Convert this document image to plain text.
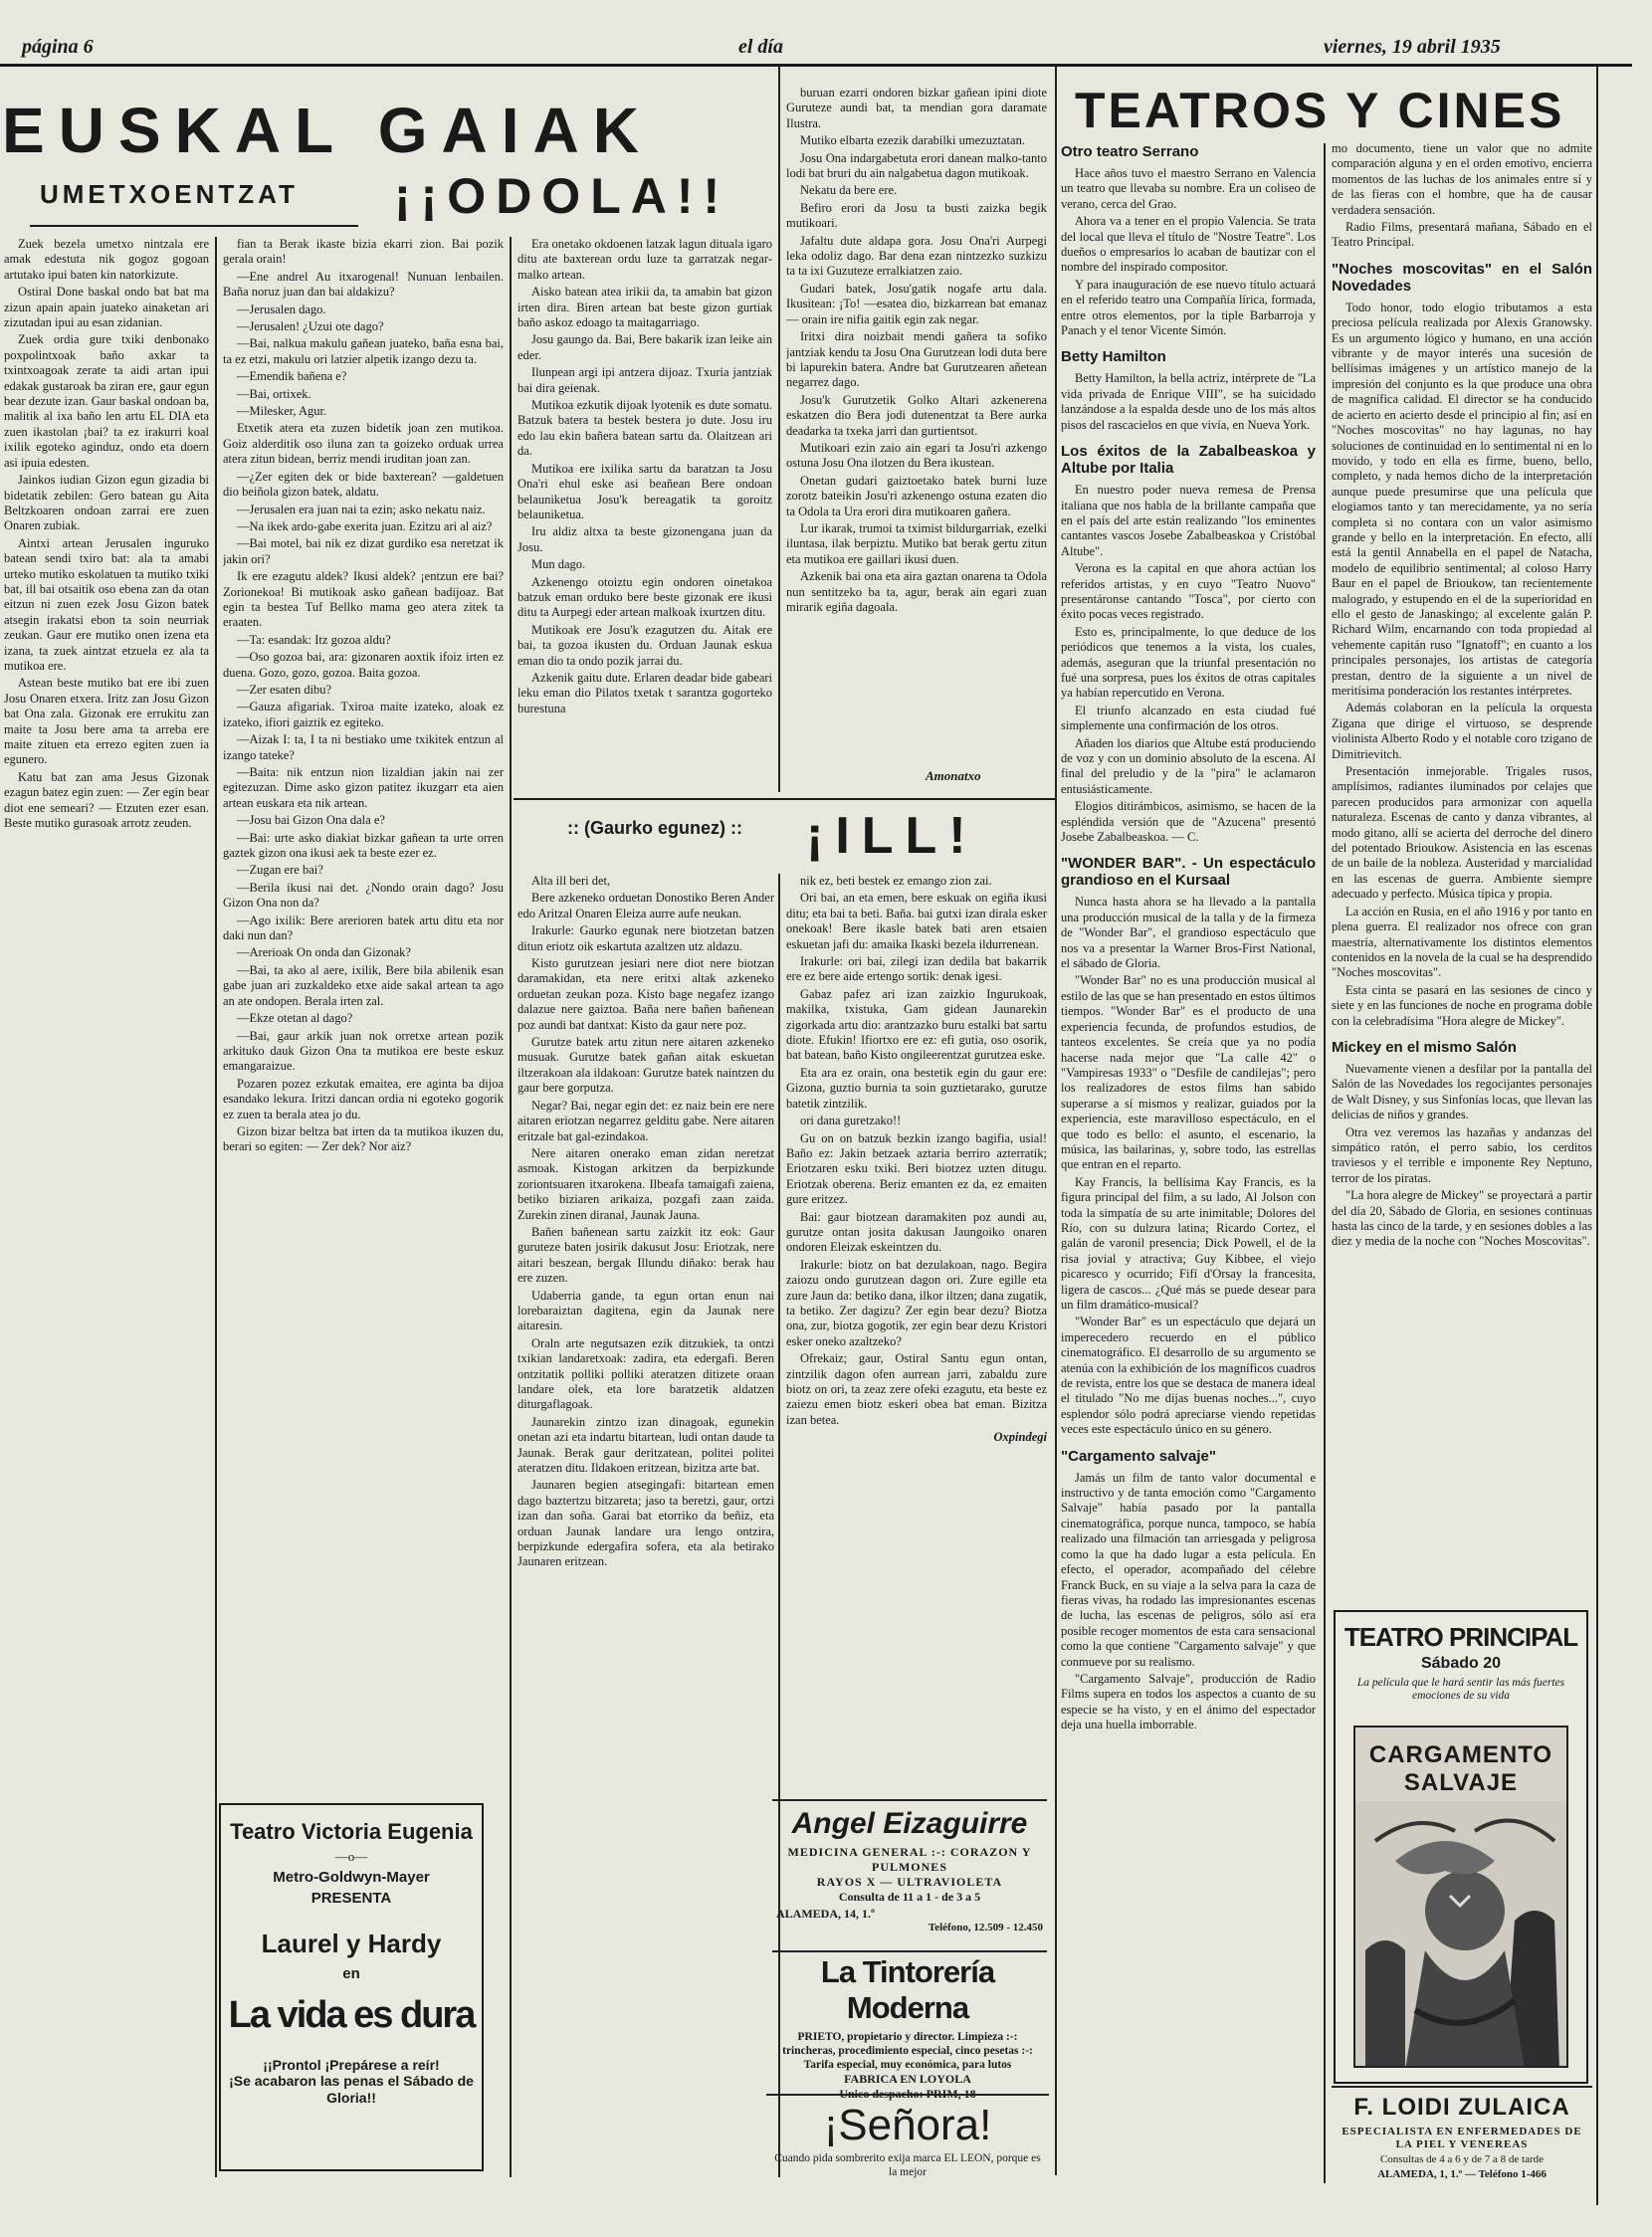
página 6	el día	viernes, 19 abril 1935
EUSKAL GAIAK
UMETXOENTZAT ¡¡ODOLA!!

Zuek bezela umetxo nintzala ere amak edestuta nik gogoz gogoan artutako ipui baten kin natorkizute.

Ostiral Done baskal ondo bat bat ma zizun apain apain juateko ainaketan ari zizutadan ipui au esan zidanian.

Zuek ordia gure txiki denbonako poxpolintxoak baño axkar ta txintxoagoak zerate ta aidi artan ipui edakak gustaroak ba ziran ere, gaur egun bear dezute izan. Gaur baskal ondoan ba, malitik al ixa baño len artu EL DIA eta zuen ikastolan ¡bai? ta ez irakurri koal ixilik egoteko aginduz, ondo eta doern asi ipuia edesten.

Jainkos iudian Gizon egun gizadia bi bidetatik zebilen: Gero batean gu Aita Beltzkoaren ondoan zarrai ere zuen Onaren zubiak.

Aintxi artean Jerusalen inguruko batean sendi txiro bat: ala ta amabi urteko mutiko eskolatuen ta mutiko txiki bat, ill bai otsaitik oso ebena zan da otan eitzun ni zuen ezek Josu Gizon batek atsegin irakatsi ebon ta soin neurriak zeukan. Gaur ere mutiko onen izena eta izana, ta zuek aintzat etzuela ez ala ta mutikoa ere.

Astean beste mutiko bat ere ibi zuen Josu Onaren etxera. Iritz zan Josu Gizon bat Ona zala. Gizonak ere errukitu zan maite ta Josu bere ama ta arreba ere maite zituen eta errezo egiten zuen ia egunero.

Katu bat zan ama Jesus Gizonak ezagun batez egin zuen: — Zer egin bear diot ene semeari? — Etzuten ezer esan. Beste mutiko gurasoak arrotz zeuden.

fian ta Berak ikaste bizia ekarri zion. Bai pozik gerala orain!

—Ene andrel Au itxarogenal! Nunuan lenbailen. Baña noruz juan dan bai aldakizu?

—Jerusalen dago.

—Jerusalen! ¿Uzui ote dago?

—Bai, nalkua makulu gañean juateko, baña esna bai, ta ez etzi, makulu ori latzier alpetik izango dezu ta.

—Emendik bañena e?

—Bai, ortixek.

—Milesker, Agur.

Etxetik atera eta zuzen bidetik joan zen mutikoa. Goiz alderditik oso iluna zan ta goizeko orduak urrea atera zitun bidean, berriz mendi iruditan joan zan.

—¿Zer egiten dek or bide baxterean? —galdetuen dio beiñola gizon batek, aldatu.

—Jerusalen era juan nai ta ezin; asko nekatu naiz.

—Na ikek ardo-gabe exerita juan. Ezitzu ari al aiz?

—Bai motel, bai nik ez dizat gurdiko esa neretzat ik jakin ori?

Ik ere ezagutu aldek? Ikusi aldek? ¡entzun ere bai? Zorionekoa! Bi mutikoak asko gañean badijoaz. Bat egin ta bestea Tuf Bellko mama geo atera zitek ta eraaten.

—Ta: esandak: Itz gozoa aldu?

—Oso gozoa bai, ara: gizonaren aoxtik ifoiz irten ez duena. Gozo, gozo, gozoa. Baita gozoa.

—Zer esaten dibu?

—Gauza afigariak. Txiroa maite izateko, aloak ez izateko, ifiori gaiztik ez egiteko.

—Aizak I: ta, I ta ni bestiako ume txikitek entzun al izango tateke?

—Baita: nik entzun nion lizaldian jakin nai zer egitezuzan. Dime asko gizon patitez ikuzgarr eta aien artean euskara eta nik artean.

—Josu bai Gizon Ona dala e?

—Bai: urte asko diakiat bizkar gañean ta urte orren gaztek gizon ona ikusi aek ta beste ezer ez.

—Zugan ere bai?

—Berila ikusi nai det. ¿Nondo orain dago? Josu Gizon Ona non da?

—Ago ixilik: Bere arerioren batek artu ditu eta nor daki nun dan?

—Arerioak On onda dan Gizonak?

—Bai, ta ako al aere, ixilik, Bere bila abilenik esan gabe juan ari zuzkaldeko etxe aide sakal artean ta ago an ate ondopen. Berala irten zal.

—Ekze otetan al dago?

—Bai, gaur arkik juan nok orretxe artean pozik arkituko dauk Gizon Ona ta mutikoa ere beste eskuz emangaraizue.

Pozaren pozez ezkutak emaitea, ere aginta ba dijoa esandako lekura. Iritzi dancan ordia ni egoteko gogorik ez zuen ta berala atea jo du.

Gizon bizar beltza bat irten da ta mutikoa ikuzen du, berari so egiten: — Zer dek? Nor aiz?

Era onetako okdoenen latzak lagun dituala igaro ditu ate baxterean ordu luze ta garratzak negar-malko artean.

Aisko batean atea irikii da, ta amabin bat gizon irten dira. Biren artean bat beste gizon gurtiak baño askoz edoago ta maitagarriago.

Josu gaungo da. Bai, Bere bakarik izan leike ain eder.

Ilunpean argi ipi antzera dijoaz. Txuria jantziak bai dira geienak.

Mutikoa ezkutik dijoak lyotenik es dute somatu. Batzuk batera ta bestek bestera jo dute. Josu iru edo lau ekin bañera batean sartu da. Olaitzean ari da.

Mutikoa ere ixilika sartu da baratzan ta Josu Ona'ri ehul eske asi beañean Bere ondoan belauniketua Josu'k bereagatik ta goroitz belauniketua.

Iru aldiz altxa ta beste gizonengana juan da Josu.

Mun dago.

Azkenengo otoiztu egin ondoren oinetakoa batzuk eman orduko bere beste gizonak ere ikusi ditu ta Aurpegi eder artean malkoak ixurtzen ditu.

Mutikoak ere Josu'k ezagutzen du. Aitak ere bai, ta gozoa ikusten du. Orduan Jaunak eskua eman dio ta ondo pozik jarrai du.

Azkenik gaitu dute. Erlaren deadar bide gabeari leku eman dio Pilatos txetak t sarantza gogorteko burestuna

buruan ezarri ondoren bizkar gañean ipini diote Guruteze aundi bat, ta mendian gora daramate Ilustra.

Mutiko elbarta ezezik darabilki umezuztatan.

Josu Ona indargabetuta erori danean malko-tanto lodi bat bruri du ain nalgabetua dagon mutikoak.

Nekatu da bere ere.

Befiro erori da Josu ta busti zaizka begik mutikoari.

Jafaltu dute aldapa gora. Josu Ona'ri Aurpegi leka odoliz dago. Bar dena ezan nintzezko suzkizu ta ta ixi Guzuteze erralkiatzen zaio.

Gudari batek, Josu'gatik nogafe artu dala. Ikusitean: ¡To! —esatea dio, bizkarrean bat emanaz— orain ire nifia gaitik egin zak negar.

Iritxi dira noizbait mendi gañera ta sofiko jantziak kendu ta Josu Ona Gurutzean lodi duta bere bi lapurekin batera. Andre bat Gurutzearen añetean negarrez dago.

Josu'k Gurutzetik Golko Altari azkenerena eskatzen dio Bera jodi dutenentzat ta Bere aurka deadarka ta txeka jarri dan gurtientsot.

Mutikoari ezin zaio ain egari ta Josu'ri azkengo ostuna Josu Ona ilotzen du Bera ikustean.

Onetan gudari gaiztoetako batek burni luze zorotz bateikin Josu'ri azkenengo ostuna ezaten dio ta Odola ta Ura erori dira mutikoaren gañera.

Lur ikarak, trumoi ta tximist bildurgarriak, ezelki iluntasa, ilak berpiztu. Mutiko bat berak gertu zitun eta mutikoa ere gaillari ikusi duen.

Azkenik bai ona eta aira gaztan onarena ta Odola nun sentitzeko ba ta, agur, berak ain egari zuan mirarik egiña dagoala.

Amonatxo
:: (Gaurko egunez) :: ¡ILL!

Alta ill beri det,

Bere azkeneko orduetan Donostiko Beren Ander edo Aritzal Onaren Eleiza aurre aufe neukan.

Irakurle: Gaurko egunak nere biotzetan batzen ditun eriotz oik eskartuta azaltzen utz aldazu.

Kisto gurutzean jesiari nere diot nere biotzan daramakidan, eta nere eritxi altak azkeneko orduetan zeukan poza. Kisto bage negafez izango dalazue nere gaiztoa. Baña nere bañen bañenean poz aundi bat dantxat: Kisto da gaur nere poz.

Gurutze batek artu zitun nere aitaren azkeneko musuak. Gurutze batek gañan aitak eskuetan iltzerakoan ala ildakoan: Gurutze batek naintzen du gaur bere gorputza.

Negar? Bai, negar egin det: ez naiz bein ere nere aitaren eriotzan negarrez gelditu gabe. Nere aitaren eritzale bat gal-ezindakoa.

Nere aitaren onerako eman zidan neretzat asmoak. Kistogan arkitzen da berpizkunde zoriontsuaren itxarokena. Ilbeafa tamaigafi zaiena, betiko biziaren arikaiza, pozgafi zaan zaida. Zurekin zinen diranal, Jaunak Jauna.

Bañen bañenean sartu zaizkit itz eok: Gaur guruteze baten josirik dakusut Josu: Eriotzak, nere aitari beszean, bergak Illundu diñako: berak hau ere zuzen.

Udaberria gande, ta egun ortan enun nai lorebaraiztan dagitena, egin da Jaunak nere aitaresin.

Oraln arte negutsazen ezik ditzukiek, ta ontzi txikian landaretxoak: zadira, eta edergafi. Beren ontzitatik polliki polliki ateratzen ditizete oraan landare olek, eta lore baratzetik aldatzen diturgaflagoak.

Jaunarekin zintzo izan dinagoak, egunekin onetan azi eta indartu bitartean, ludi ontan daude ta Jaunak. Berak gaur deritzatean, politei politei ateratzen ditu. Ildakoen eritzean, bizitza arte bat.

Jaunaren begien atsegingafi: bitartean emen dago baztertzu bitzareta; jaso ta beretzi, gaur, ortzi izan dan soña. Garai bat etorriko da beñiz, eta orduan Jaunak landare ura lengo ontzira, berpizkunde edergafira sofera, eta ala betirako Jaunaren eritzean.

nik ez, beti bestek ez emango zion zai.

Ori bai, an eta emen, bere eskuak on egiña ikusi ditu; eta bai ta beti. Baña. bai gutxi izan dirala esker onekoak! Bere ikasle batek bati aren etsaien eskuetan jafi du: amaika Ikaski bezela ildurrenean.

Irakurle: ori bai, zilegi izan dedila bat bakarrik ere ez bere aide ertengo sortik: denak igesi.

Gabaz pafez ari izan zaizkio Ingurukoak, makilka, txistuka, Gam gidean Jaunarekin zigorkada artu dio: arantzazko buru estalki bat sartu diote. Efukin! Ifiortxo ere ez: efi gutia, oso osorik, bat batean, baño Kisto ongileerentzat gurutzea eske.

Eta ara ez orain, ona bestetik egin du gaur ere: Gizona, guztio burnia ta soin guztietarako, gurutze batetik zintzilik.

ori dana guretzako!!

Gu on on batzuk bezkin izango bagifia, usial! Baño ez: Jakin betzaek aztaria berriro azterratik; Eriotzaren esku txiki. Beri biotzez uzten ditugu. Eriotzak oberena. Beriz emanten ez da, ez emaiten gure eritzez.

Bai: gaur biotzean daramakiten poz aundi au, gurutze ontan josita dakusan Jaungoiko onaren ondoren Eleizak eskeintzen du.

Irakurle: biotz on bat dezulakoan, nago. Begira zaiozu ondo gurutzean dagon ori. Zure egille eta zure Jaun da: betiko dana, ilkor iltzen; dana zugatik, ta betiko. Zer dagizu? Zer egin bear dezu? Biotza ona, zur, biotza gogotik, zer egin bear dezu Kristori esker oneko azaltzeko?

Ofrekaiz; gaur, Ostiral Santu egun ontan, zintzilik dagon ofen aurrean jarri, zabaldu zure biotz on ori, ta zeaz zere ofeki ezagutu, eta beste ez zaiezu emen biotz eskeri obea bat eman. Bizitza izan betea.

Oxpindegi

Angel Eizaguirre
MEDICINA GENERAL :-: CORAZON Y PULMONES
RAYOS X — ULTRAVIOLETA
Consulta de 11 a 1 - de 3 a 5
ALAMEDA, 14, 1.º
Teléfono, 12.509 - 12.450
La Tintorería Moderna
PRIETO, propietario y director. Limpieza :-: trincheras, procedimiento especial, cinco pesetas :-: Tarifa especial, muy económica, para lutos
FABRICA EN LOYOLA
Unico despacho: PRIM, 18
¡Señora!
Cuando pida sombrerito exija marca EL LEON, porque es la mejor
Teatro Victoria Eugenia
—o—
Metro-Goldwyn-Mayer
PRESENTA
Laurel y Hardy
en
La vida es dura
¡¡Prontol ¡Prepárese a reír!
¡Se acabaron las penas el Sábado de Gloria!!
TEATROS Y CINES
Otro teatro Serrano

Hace años tuvo el maestro Serrano en Valencia un teatro que llevaba su nombre. Era un coliseo de verano, cerca del Grao.

Ahora va a tener en el propio Valencia. Se trata del local que lleva el título de "Nostre Teatre". Los dueños o empresarios lo acaban de bautizar con el nombre del inspirado compositor.

Y para inauguración de ese nuevo título actuará en el referido teatro una Compañía lírica, formada, entre otros elementos, por la tiple Barbarroja y Panach y el tenor Vicente Simón.

Betty Hamilton

Betty Hamilton, la bella actriz, intérprete de "La vida privada de Enrique VIII", se ha suicidado lanzándose a la espalda desde uno de los más altos pisos del rascacielos en que vivía, en Nueva York.

Los éxitos de la Zabalbeaskoa y Altube por Italia

En nuestro poder nueva remesa de Prensa italiana que nos habla de la brillante campaña que en el país del arte están realizando "los eminentes cantantes vascos Josebe Zabalbeaskoa y Cristóbal Altube".

Verona es la capital en que ahora actúan los referidos artistas, y en cuyo "Teatro Nuovo" presentáronse cantando "Tosca", por cierto con éxito pocas veces registrado.

Esto es, principalmente, lo que deduce de los periódicos que tenemos a la vista, los cuales, además, aseguran que la triunfal presentación no fué una sorpresa, pues los éxitos de otras capitales ya habían repercutido en Verona.

El triunfo alcanzado en esta ciudad fué simplemente una confirmación de los otros.

Añaden los diarios que Altube está produciendo de voz y con un dominio absoluto de la escena. Al final del preludio y de la "pira" le aclamaron entusiásticamente.

Elogios ditirámbicos, asimismo, se hacen de la espléndida versión que de "Azucena" presentó Josebe Zabalbeaskoa. — C.

"WONDER BAR". - Un espectáculo grandioso en el Kursaal

Nunca hasta ahora se ha llevado a la pantalla una producción musical de la talla y de la firmeza de "Wonder Bar", el grandioso espectáculo que nos va a presentar la Warner Bros-First National, el sábado de Gloria.

"Wonder Bar" no es una producción musical al estilo de las que se han presentado en estos últimos tiempos. "Wonder Bar" es el producto de una experiencia fecunda, de profundos estudios, de tanteos excelentes. Se creía que ya no podía hacerse nada mejor que "La calle 42" o "Vampiresas 1933" o "Desfile de candilejas"; pero los realizadores de estos films han sabido superarse a sí mismos y realizar, guiados por la experiencia, este maravilloso espectáculo, en el que todo es bello: el asunto, el escenario, la música, las bailarinas, y, sobre todo, las estrellas que entran en el reparto.

Kay Francis, la bellísima Kay Francis, es la figura principal del film, a su lado, Al Jolson con toda la simpatía de su arte inimitable; Dolores del Río, con su dulzura latina; Ricardo Cortez, el galán de varonil presencia; Dick Powell, el de la risa jovial y atractiva; Guy Kibbee, el viejo picaresco y ocurrido; Fifí d'Orsay la francesita, ligera de cascos... ¿Qué más se puede desear para un film dramático-musical?

"Wonder Bar" es un espectáculo que dejará un imperecedero recuerdo en el público cinematográfico. El desarrollo de su argumento se atenúa con la exhibición de los magníficos cuadros de revista, entre los que se destaca de manera ideal el titulado "No me dijas buenas noches...", cuyo esplendor sólo podrá apreciarse viendo repetidas veces este espectáculo único en su género.

"Cargamento salvaje"

Jamás un film de tanto valor documental e instructivo y de tanta emoción como "Cargamento Salvaje" había pasado por la pantalla cinematográfica, porque nunca, tampoco, se había realizado una filmación tan arriesgada y peligrosa como la que ha dado lugar a esta película. En efecto, el operador, acompañado del célebre Franck Buck, en su viaje a la selva para la caza de fieras vivas, ha rodado las impresionantes escenas de lucha, las escenas de peligros, sólo así era posible recoger momentos de esta cara sensacional como la que contiene "Cargamento salvaje" y que conmueve por su realismo.

"Cargamento Salvaje", producción de Radio Films supera en todos los aspectos a cuanto de su especie se ha visto, y en el ánimo del espectador deja una huella imborrable.

mo documento, tiene un valor que no admite comparación alguna y en el orden emotivo, encierra momentos de las luchas de los animales entre sí y de las fieras con el hombre, que ha de causar verdadera sensación.

Radio Films, presentará mañana, Sábado en el Teatro Principal.

"Noches moscovitas" en el Salón Novedades

Todo honor, todo elogio tributamos a esta preciosa película realizada por Alexis Granowsky. Es un argumento lógico y humano, en una acción vibrante y de mayor interés una sucesión de bellísimas imágenes y un artístico manejo de la impresión del conjunto es la que produce una obra de magnífica calidad. El director se ha conducido de acierto en acierto desde el principio al fin; así en "Noches moscovitas" no hay lagunas, no hay soluciones de continuidad en lo sentimental ni en lo movido, y todo en ella es firme, bueno, bello, completo, y nada hemos dicho de la interpretación aunque puede presumirse que una película que elogiamos tanto y tan merecidamente, ya no sería completa si no contara con un valor asimismo grande y bello en la interpretación. En efecto, allí está la gentil Annabella en el papel de Natacha, modelo de equilibrio sentimental; al coloso Harry Baur en el papel de Brioukow, tan recientemente malogrado, y estupendo en el de la superioridad en ello el gesto de Janaskingo; al excelente galán P. Richard Wilm, encarnando con toda propiedad al vehemente capitán ruso "Ignatoff"; en cuanto a los principales personajes, los artistas de categoría prestan, dentro de la siguiente a un nivel de meritísima ponderación los restantes intérpretes.

Además colaboran en la película la orquesta Zigana que dirige el virtuoso, se desprende violinista Alberto Rodo y el notable coro tzigano de Dimitrievitch.

Presentación inmejorable. Trigales rusos, amplísimos, radiantes iluminados por celajes que parecen producidos para armonizar con aquella naturaleza. Escenas de canto y danza vibrantes, al modo gitano, allí se acierta del derroche del dinero del potentado Brioukow. Asistencia en las escenas de un baile de la nobleza. Austeridad y marcialidad en las escenas de guerra. Ambiente siempre adecuado y perfecto. Música típica y propia.

La acción en Rusia, en el año 1916 y por tanto en plena guerra. El realizador nos ofrece con gran maestría, alternativamente los distintos elementos contenidos en la novela de la cual se ha desprendido "Noches moscovitas".

Esta cinta se pasará en las sesiones de cinco y siete y en las funciones de noche en programa doble con la celebradísima "Hora alegre de Mickey".

Mickey en el mismo Salón

Nuevamente vienen a desfilar por la pantalla del Salón de las Novedades los regocijantes personajes de Walt Disney, y sus Sinfonías locas, que llevan las delicias de niños y grandes.

Otra vez veremos las hazañas y andanzas del simpático ratón, el perro sabio, los cerditos traviesos y el terrible e imponente Rey Neptuno, terror de los piratas.

"La hora alegre de Mickey" se proyectará a partir del día 20, Sábado de Gloria, en sesiones continuas hasta las cinco de la tarde, y en sesiones dobles a las diez y media de la noche con "Noches Moscovitas".

TEATRO PRINCIPAL
Sábado 20
La película que le hará sentir las más fuertes emociones de su vida
CARGAMENTO
SALVAJE
F. LOIDI ZULAICA
ESPECIALISTA EN ENFERMEDADES DE LA PIEL Y VENEREAS
Consultas de 4 a 6 y de 7 a 8 de tarde
ALAMEDA, 1, 1.º — Teléfono 1-466
